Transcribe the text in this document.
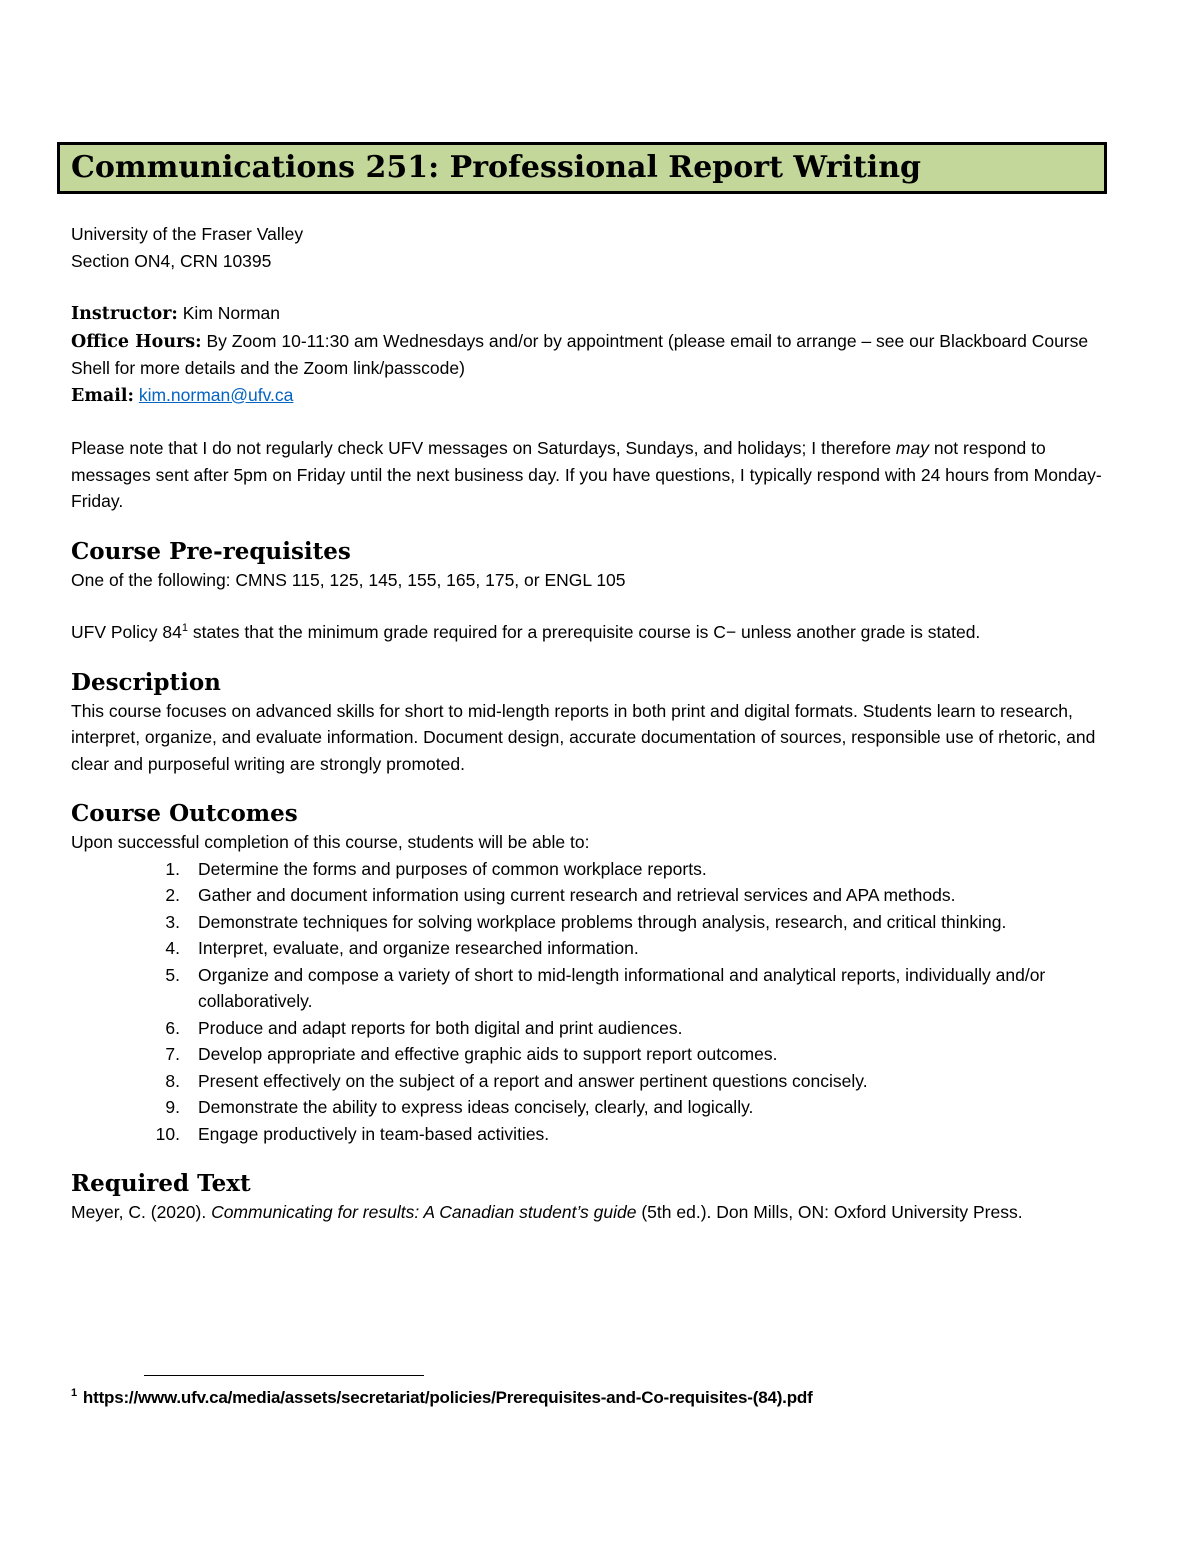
Communications 251: Professional Report Writing

University of the Fraser Valley

Section ON4, CRN 10395

Instructor: Kim Norman

Office Hours: By Zoom 10-11:30 am Wednesdays and/or by appointment (please email to arrange – see our Blackboard Course Shell for more details and the Zoom link/passcode)

Email: kim.norman@ufv.ca

Please note that I do not regularly check UFV messages on Saturdays, Sundays, and holidays; I therefore may not respond to messages sent after 5pm on Friday until the next business day. If you have questions, I typically respond with 24 hours from Monday-Friday.

Course Pre-requisites

One of the following: CMNS 115, 125, 145, 155, 165, 175, or ENGL 105

UFV Policy $84^1$ states that the minimum grade required for a prerequisite course is C− unless another grade is stated.

Description

This course focuses on advanced skills for short to mid-length reports in both print and digital formats. Students learn to research, interpret, organize, and evaluate information. Document design, accurate documentation of sources, responsible use of rhetoric, and clear and purposeful writing are strongly promoted.

Course Outcomes

Upon successful completion of this course, students will be able to:

1. Determine the forms and purposes of common workplace reports.
2. Gather and document information using current research and retrieval services and APA methods.
3. Demonstrate techniques for solving workplace problems through analysis, research, and critical thinking.
4. Interpret, evaluate, and organize researched information.
5. Organize and compose a variety of short to mid-length informational and analytical reports, individually and/or collaboratively.
6. Produce and adapt reports for both digital and print audiences.
7. Develop appropriate and effective graphic aids to support report outcomes.
8. Present effectively on the subject of a report and answer pertinent questions concisely.
9. Demonstrate the ability to express ideas concisely, clearly, and logically.
10. Engage productively in team-based activities.
Required Text

Meyer, C. (2020). Communicating for results: A Canadian student’s guide (5th ed.). Don Mills, ON: Oxford University Press.

$^1$ https://www.ufv.ca/media/assets/secretariat/policies/Prerequisites-and-Co-requisites-(84).pdf
